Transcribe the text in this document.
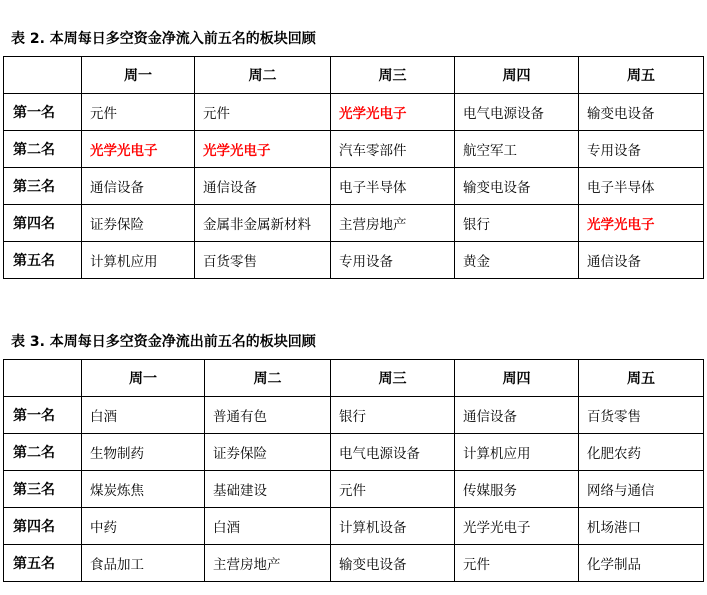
表 2. 本周每日多空资金净流入前五名的板块回顾
	周一	周二	周三	周四	周五
第一名	元件	元件	光学光电子	电气电源设备	输变电设备
第二名	光学光电子	光学光电子	汽车零部件	航空军工	专用设备
第三名	通信设备	通信设备	电子半导体	输变电设备	电子半导体
第四名	证券保险	金属非金属新材料	主营房地产	银行	光学光电子
第五名	计算机应用	百货零售	专用设备	黄金	通信设备
表 3. 本周每日多空资金净流出前五名的板块回顾
	周一	周二	周三	周四	周五
第一名	白酒	普通有色	银行	通信设备	百货零售
第二名	生物制药	证券保险	电气电源设备	计算机应用	化肥农药
第三名	煤炭炼焦	基础建设	元件	传媒服务	网络与通信
第四名	中药	白酒	计算机设备	光学光电子	机场港口
第五名	食品加工	主营房地产	输变电设备	元件	化学制品
